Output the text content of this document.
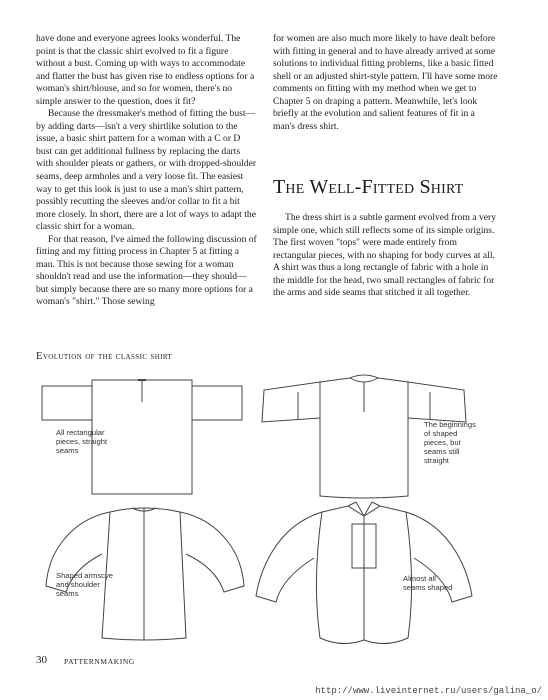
have done and everyone agrees looks wonderful. The point is that the classic shirt evolved to fit a figure without a bust. Coming up with ways to accommodate and flatter the bust has given rise to endless options for a woman's shirt/blouse, and so for women, there's no simple answer to the question, does it fit?

Because the dressmaker's method of fitting the bust—by adding darts—isn't a very shirtlike solution to the issue, a basic shirt pattern for a woman with a C or D bust can get additional fullness by replacing the darts with shoulder pleats or gathers, or with dropped-shoulder seams, deep armholes and a very loose fit. The easiest way to get this look is just to use a man's shirt pattern, possibly recutting the sleeves and/or collar to fit a bit more closely. In short, there are a lot of ways to adapt the classic shirt for a woman.

For that reason, I've aimed the following discussion of fitting and my fitting process in Chapter 5 at fitting a man. This is not because those sewing for a woman shouldn't read and use the information—they should—but simply because there are so many more options for a woman's "shirt." Those sewing

for women are also much more likely to have dealt before with fitting in general and to have already arrived at some solutions to individual fitting problems, like a basic fitted shell or an adjusted shirt-style pattern. I'll have some more comments on fitting with my method when we get to Chapter 5 on draping a pattern. Meanwhile, let's look briefly at the evolution and salient features of fit in a man's dress shirt.

The Well-Fitted Shirt

The dress shirt is a subtle garment evolved from a very simple one, which still reflects some of its simple origins. The first woven "tops" were made entirely from rectangular pieces, with no shaping for body curves at all. A shirt was thus a long rectangle of fabric with a hole in the middle for the head, two small rectangles of fabric for the arms and side seams that stitched it all together.

Evolution of the classic shirt
All rectangular
pieces, straight
seams
The beginnings
of shaped
pieces, but
seams still
straight
Shaped armscye
and shoulder
seams
Almost all
seams shaped
30 PATTERNMAKING
http://www.liveinternet.ru/users/galina_o/
